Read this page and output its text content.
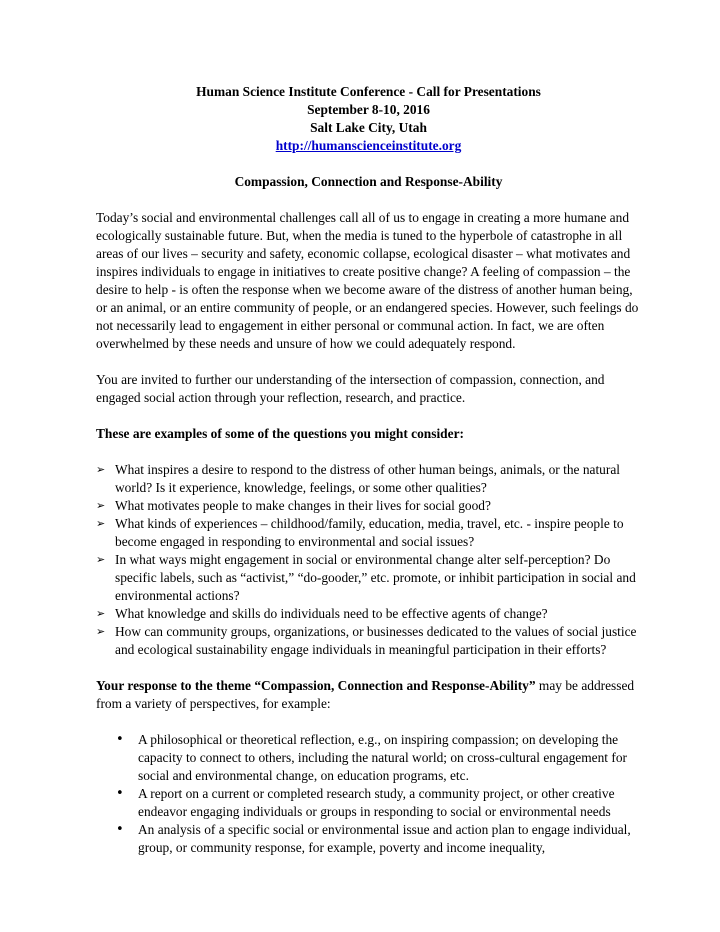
Human Science Institute Conference - Call for Presentations
September 8-10, 2016
Salt Lake City, Utah
http://humanscienceinstitute.org
Compassion, Connection and Response-Ability

Today’s social and environmental challenges call all of us to engage in creating a more humane and ecologically sustainable future. But, when the media is tuned to the hyperbole of catastrophe in all areas of our lives – security and safety, economic collapse, ecological disaster – what motivates and inspires individuals to engage in initiatives to create positive change? A feeling of compassion – the desire to help - is often the response when we become aware of the distress of another human being, or an animal, or an entire community of people, or an endangered species. However, such feelings do not necessarily lead to engagement in either personal or communal action. In fact, we are often overwhelmed by these needs and unsure of how we could adequately respond.

You are invited to further our understanding of the intersection of compassion, connection, and engaged social action through your reflection, research, and practice.

These are examples of some of the questions you might consider:

➢ What inspires a desire to respond to the distress of other human beings, animals, or the natural world? Is it experience, knowledge, feelings, or some other qualities?
➢ What motivates people to make changes in their lives for social good?
➢ What kinds of experiences – childhood/family, education, media, travel, etc. - inspire people to become engaged in responding to environmental and social issues?
➢ In what ways might engagement in social or environmental change alter self-perception? Do specific labels, such as “activist,” “do-gooder,” etc. promote, or inhibit participation in social and environmental actions?
➢ What knowledge and skills do individuals need to be effective agents of change?
➢ How can community groups, organizations, or businesses dedicated to the values of social justice and ecological sustainability engage individuals in meaningful participation in their efforts?

Your response to the theme “Compassion, Connection and Response-Ability” may be addressed from a variety of perspectives, for example:

• A philosophical or theoretical reflection, e.g., on inspiring compassion; on developing the capacity to connect to others, including the natural world; on cross-cultural engagement for social and environmental change, on education programs, etc.
• A report on a current or completed research study, a community project, or other creative endeavor engaging individuals or groups in responding to social or environmental needs
• An analysis of a specific social or environmental issue and action plan to engage individual, group, or community response, for example, poverty and income inequality,
